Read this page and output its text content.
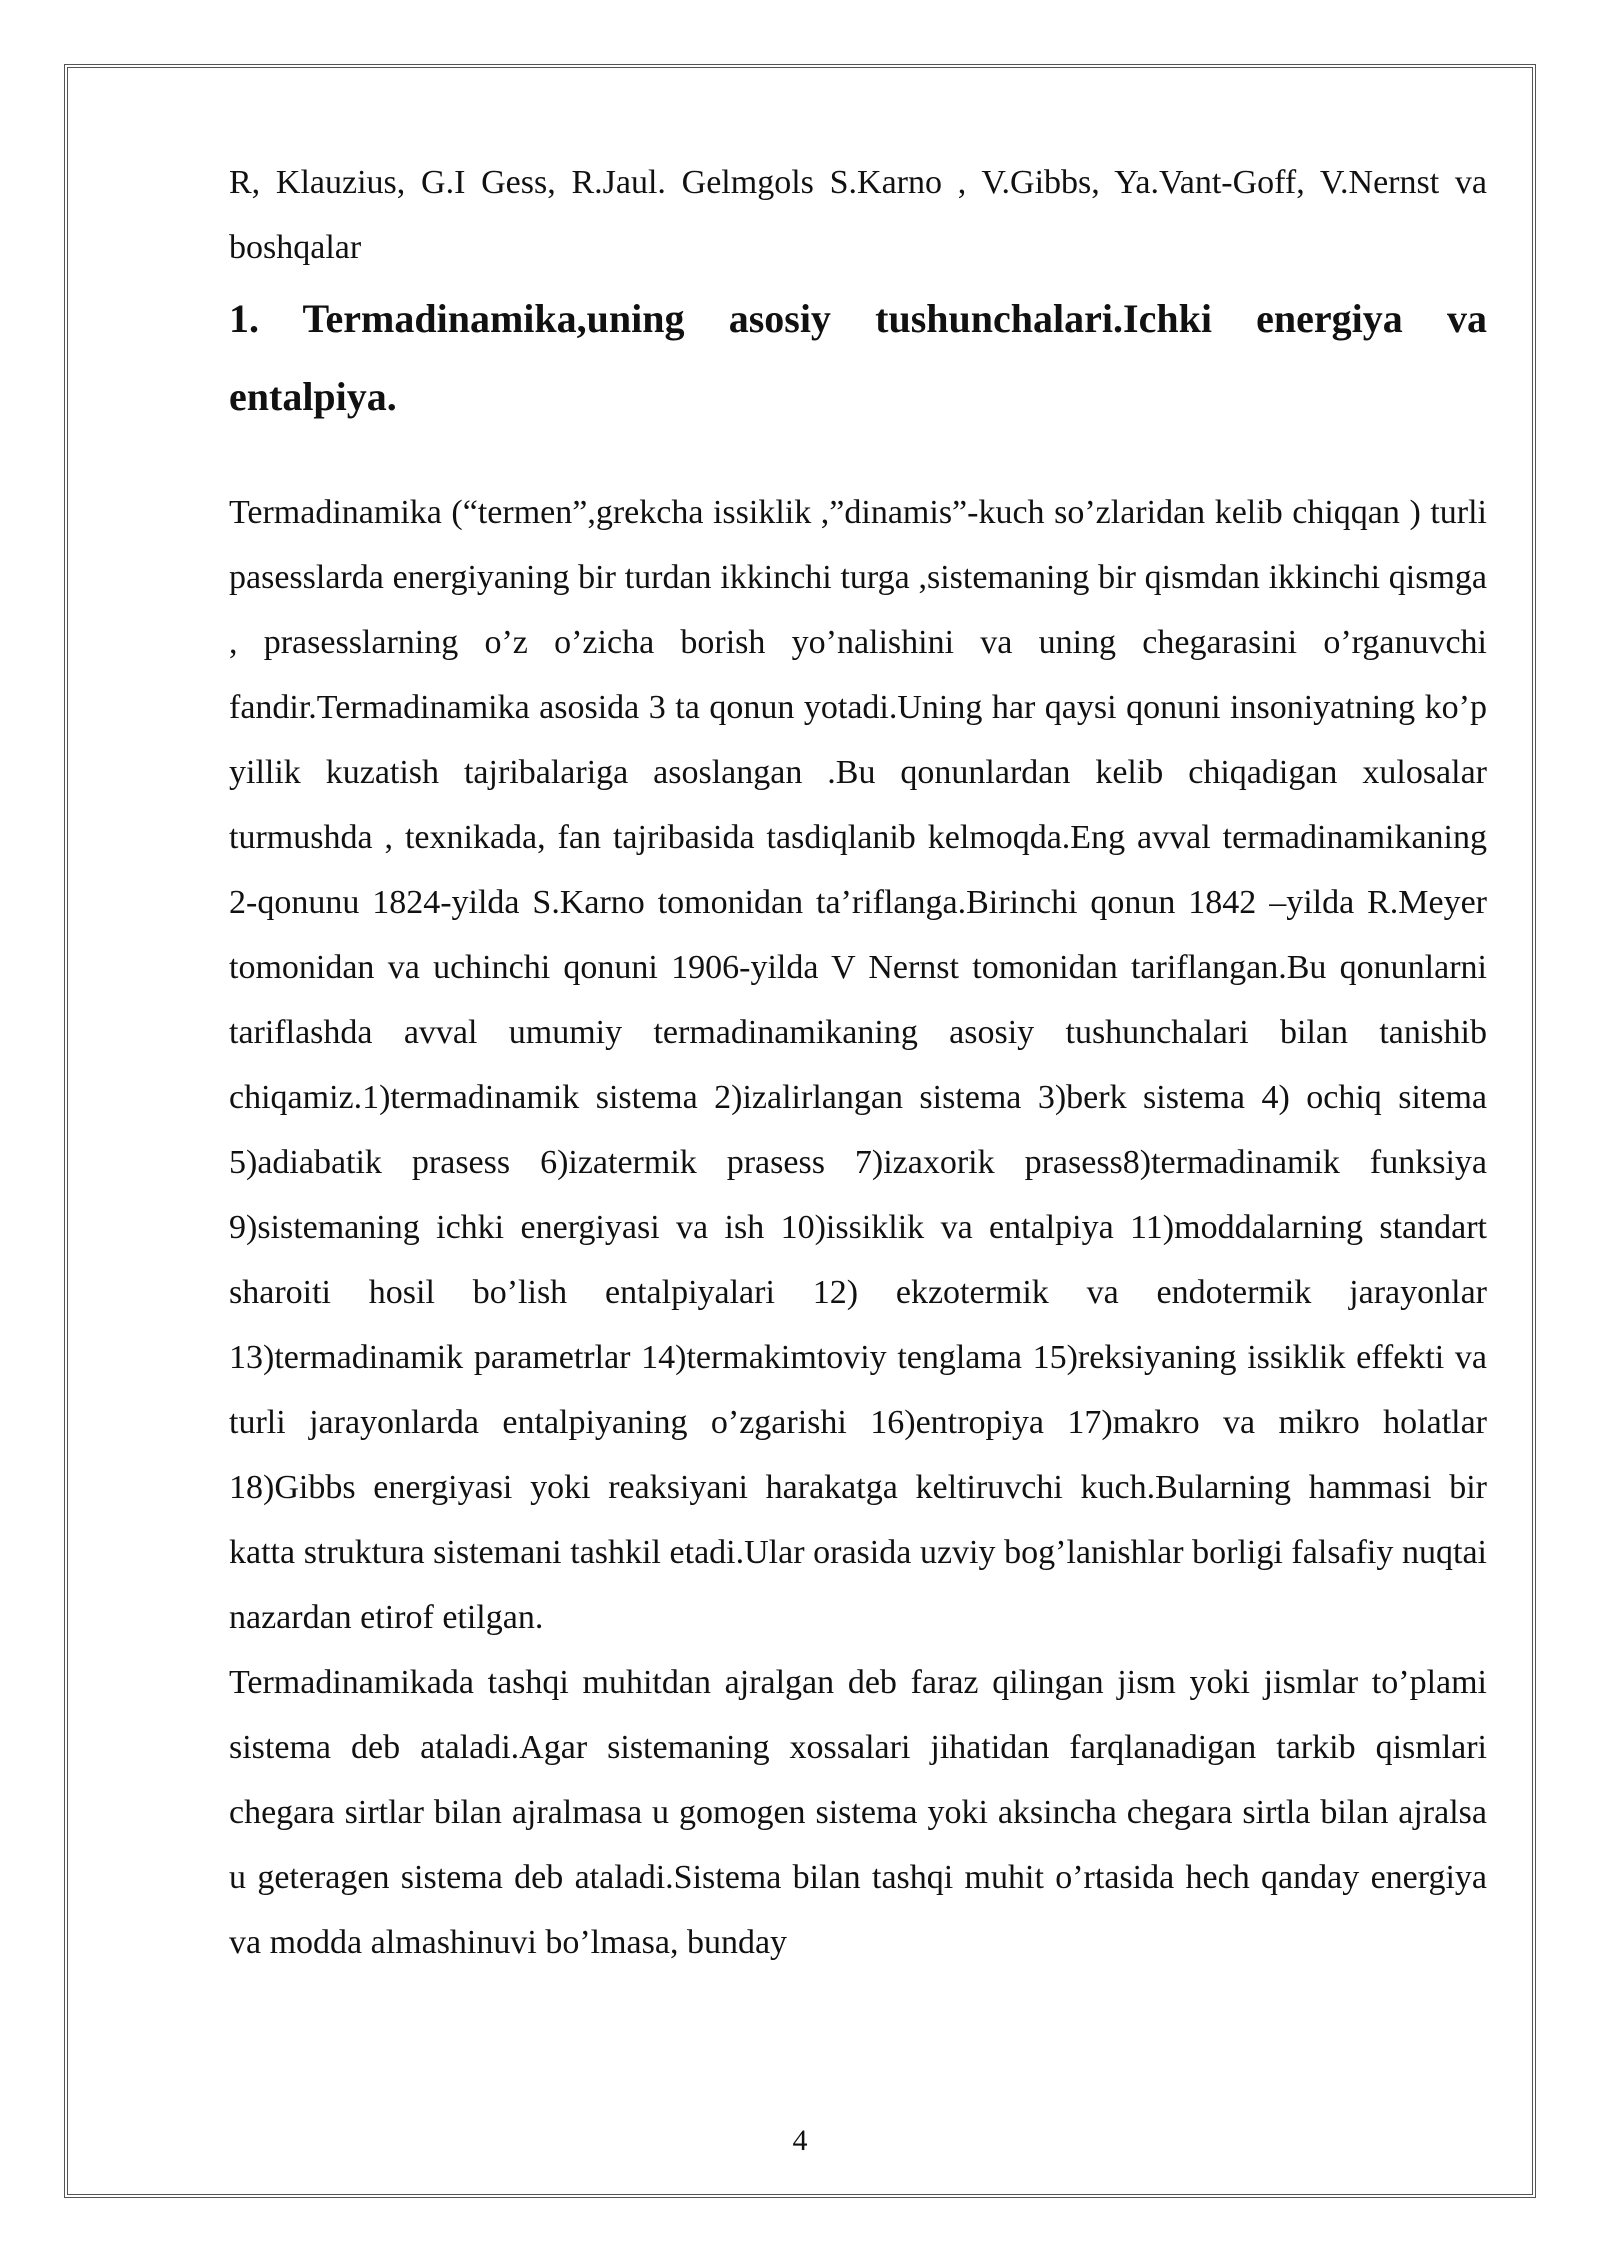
R, Klauzius, G.I Gess, R.Jaul. Gelmgols S.Karno , V.Gibbs, Ya.Vant-Goff, V.Nernst va boshqalar

1. Termadinamika,uning asosiy tushunchalari.Ichki energiya va entalpiya.

Termadinamika (“termen”,grekcha issiklik ,”dinamis”-kuch so’zlaridan kelib chiqqan ) turli pasesslarda energiyaning bir turdan ikkinchi turga ,sistemaning bir qismdan ikkinchi qismga , prasesslarning o’z o’zicha borish yo’nalishini va uning chegarasini o’rganuvchi fandir.Termadinamika asosida 3 ta qonun yotadi.Uning har qaysi qonuni insoniyatning ko’p yillik kuzatish tajribalariga asoslangan .Bu qonunlardan kelib chiqadigan xulosalar turmushda , texnikada, fan tajribasida tasdiqlanib kelmoqda.Eng avval termadinamikaning 2-qonunu 1824-yilda S.Karno tomonidan ta’riflanga.Birinchi qonun 1842 –yilda R.Meyer tomonidan va uchinchi qonuni 1906-yilda V Nernst tomonidan tariflangan.Bu qonunlarni tariflashda avval umumiy termadinamikaning asosiy tushunchalari bilan tanishib chiqamiz.1)termadinamik sistema 2)izalirlangan sistema 3)berk sistema 4) ochiq sitema 5)adiabatik prasess 6)izatermik prasess 7)izaxorik prasess8)termadinamik funksiya 9)sistemaning ichki energiyasi va ish 10)issiklik va entalpiya 11)moddalarning standart sharoiti hosil bo’lish entalpiyalari 12) ekzotermik va endotermik jarayonlar 13)termadinamik parametrlar 14)termakimtoviy tenglama 15)reksiyaning issiklik effekti va turli jarayonlarda entalpiyaning o’zgarishi 16)entropiya 17)makro va mikro holatlar 18)Gibbs energiyasi yoki reaksiyani harakatga keltiruvchi kuch.Bularning hammasi bir katta struktura sistemani tashkil etadi.Ular orasida uzviy bog’lanishlar borligi falsafiy nuqtai nazardan etirof etilgan.

Termadinamikada tashqi muhitdan ajralgan deb faraz qilingan jism yoki jismlar to’plami sistema deb ataladi.Agar sistemaning xossalari jihatidan farqlanadigan tarkib qismlari chegara sirtlar bilan ajralmasa u gomogen sistema yoki aksincha chegara sirtla bilan ajralsa u geteragen sistema deb ataladi.Sistema bilan tashqi muhit o’rtasida hech qanday energiya va modda almashinuvi bo’lmasa, bunday

4
